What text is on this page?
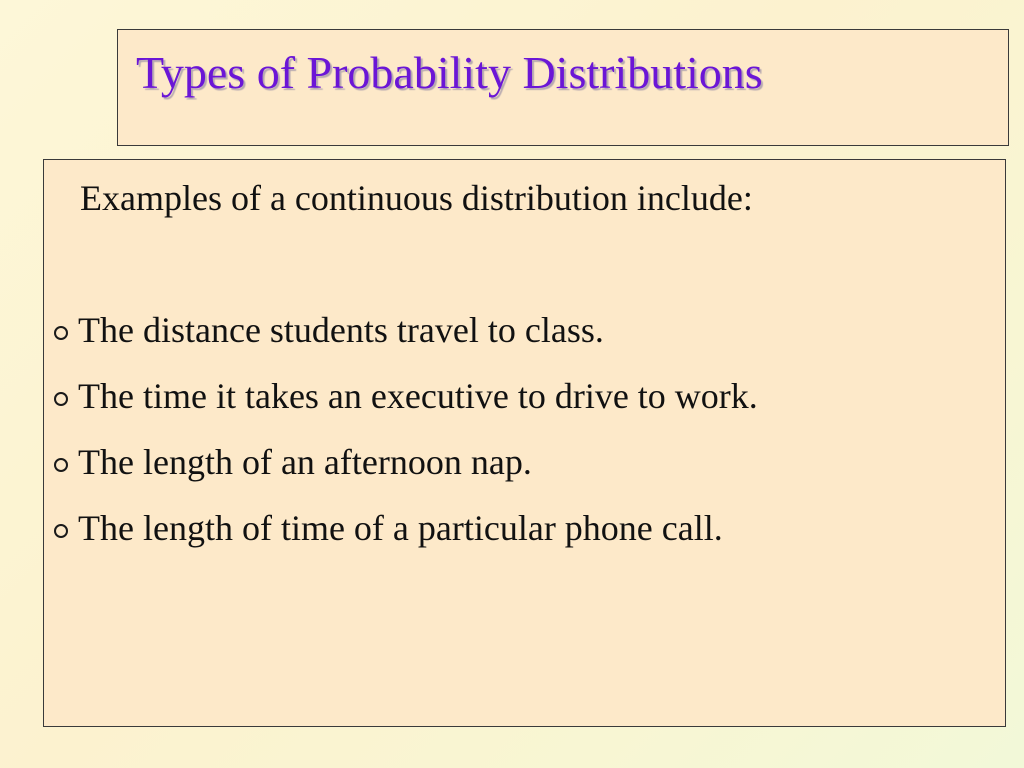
Types of Probability Distributions

Examples of a continuous distribution include:

The distance students travel to class.
The time it takes an executive to drive to work.
The length of an afternoon nap.
The length of time of a particular phone call.
